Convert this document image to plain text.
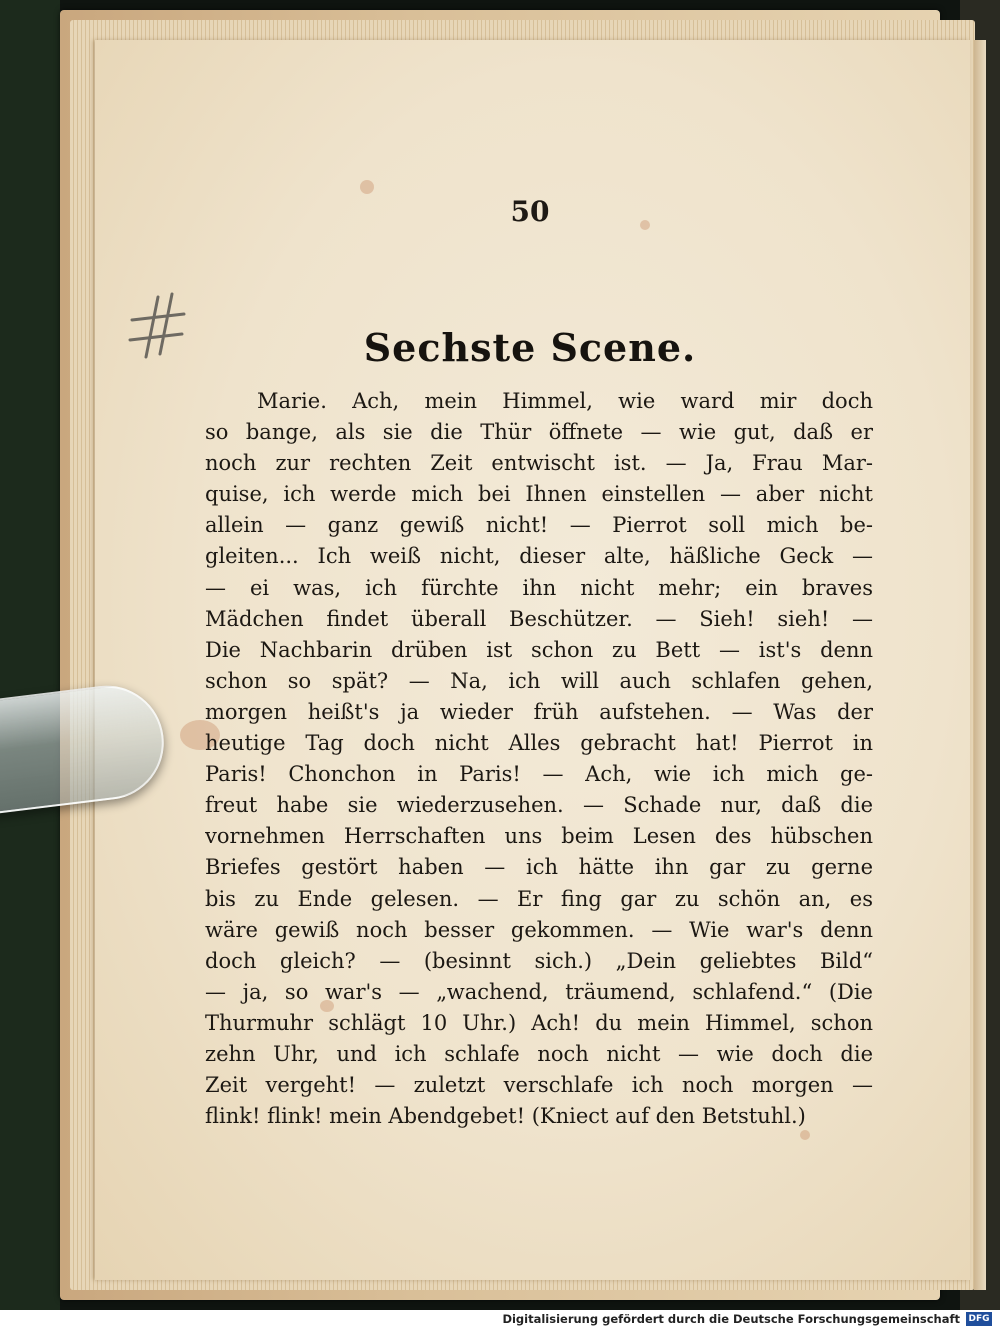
50
Sechste Scene.
Marie. Ach, mein Himmel, wie ward mir doch
so bange, als sie die Thür öffnete — wie gut, daß er
noch zur rechten Zeit entwischt ist. — Ja, Frau Mar-
quise, ich werde mich bei Ihnen einstellen — aber nicht
allein — ganz gewiß nicht! — Pierrot soll mich be-
gleiten... Ich weiß nicht, dieser alte, häßliche Geck —
— ei was, ich fürchte ihn nicht mehr; ein braves
Mädchen findet überall Beschützer. — Sieh! sieh! —
Die Nachbarin drüben ist schon zu Bett — ist's denn
schon so spät? — Na, ich will auch schlafen gehen,
morgen heißt's ja wieder früh aufstehen. — Was der
heutige Tag doch nicht Alles gebracht hat! Pierrot in
Paris! Chonchon in Paris! — Ach, wie ich mich ge-
freut habe sie wiederzusehen. — Schade nur, daß die
vornehmen Herrschaften uns beim Lesen des hübschen
Briefes gestört haben — ich hätte ihn gar zu gerne
bis zu Ende gelesen. — Er fing gar zu schön an, es
wäre gewiß noch besser gekommen. — Wie war's denn
doch gleich? — (besinnt sich.) „Dein geliebtes Bild“
— ja, so war's — „wachend, träumend, schlafend.“ (Die
Thurmuhr schlägt 10 Uhr.) Ach! du mein Himmel, schon
zehn Uhr, und ich schlafe noch nicht — wie doch die
Zeit vergeht! — zuletzt verschlafe ich noch morgen —
flink! flink! mein Abendgebet! (Kniect auf den Betstuhl.)
Digitalisierung gefördert durch die Deutsche Forschungsgemeinschaft DFG
